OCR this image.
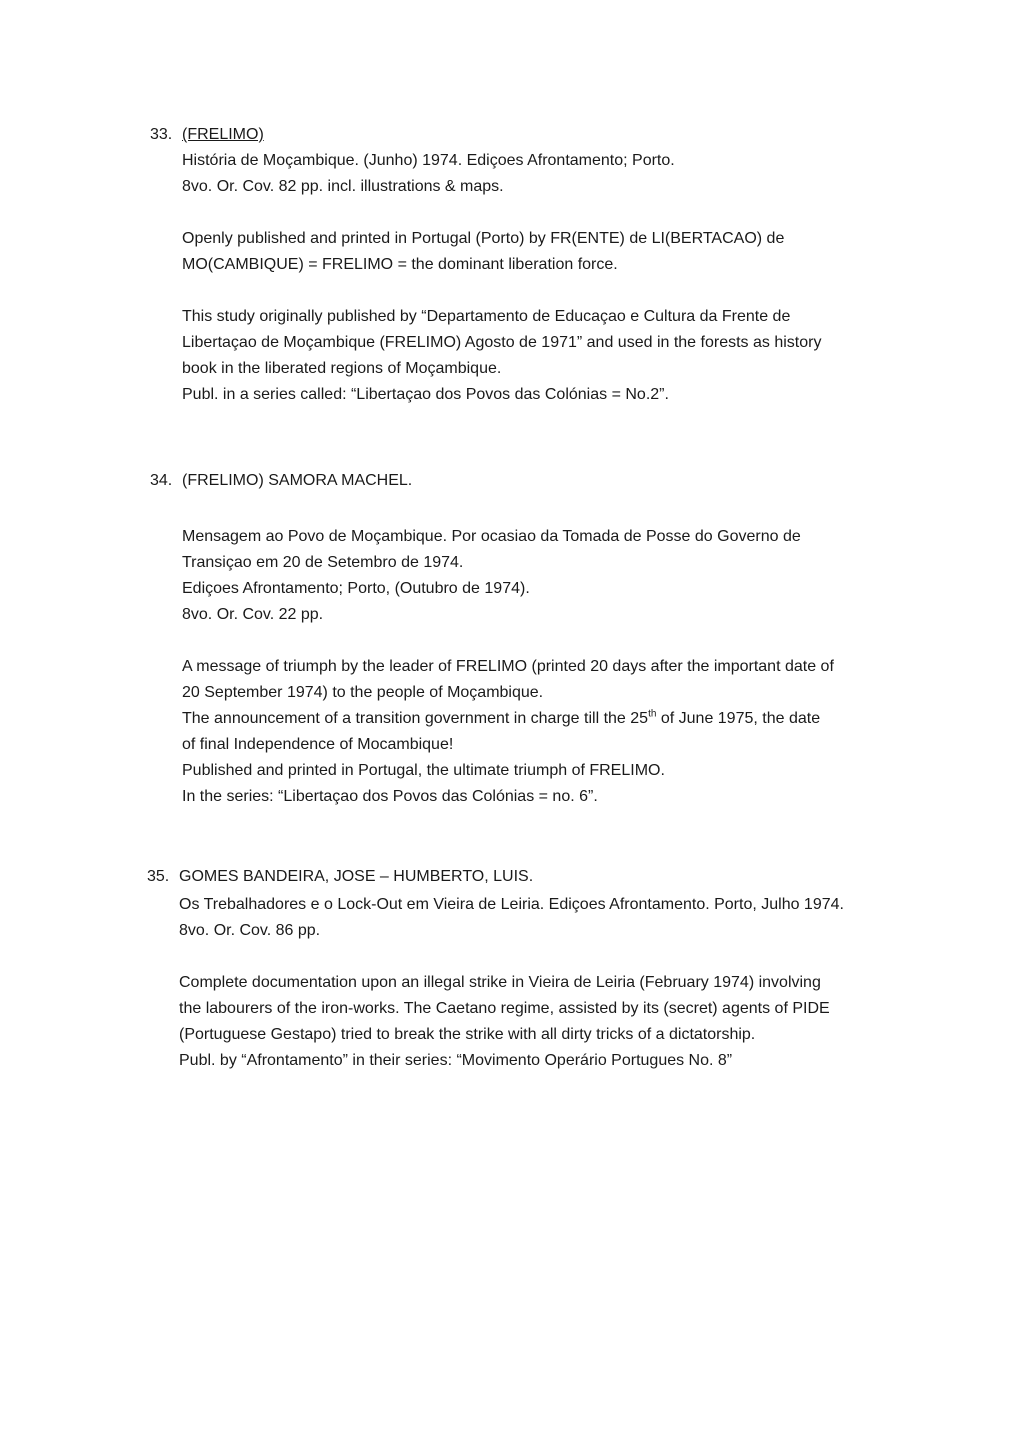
33. (FRELIMO)
História de Moçambique. (Junho) 1974. Ediçoes Afrontamento; Porto.
8vo. Or. Cov. 82 pp. incl. illustrations & maps.
Openly published and printed in Portugal (Porto) by FR(ENTE) de LI(BERTACAO) de
MO(CAMBIQUE) = FRELIMO = the dominant liberation force.
This study originally published by “Departamento de Educaçao e Cultura da Frente de
Libertaçao de Moçambique (FRELIMO) Agosto de 1971” and used in the forests as history
book in the liberated regions of Moçambique.
Publ. in a series called: “Libertaçao dos Povos das Colónias = No.2”.
34. (FRELIMO) SAMORA MACHEL.
Mensagem ao Povo de Moçambique. Por ocasiao da Tomada de Posse do Governo de
Transiçao em 20 de Setembro de 1974.
Ediçoes Afrontamento; Porto, (Outubro de 1974).
8vo. Or. Cov. 22 pp.
A message of triumph by the leader of FRELIMO (printed 20 days after the important date of
20 September 1974) to the people of Moçambique.
The announcement of a transition government in charge till the 25th of June 1975, the date
of final Independence of Mocambique!
Published and printed in Portugal, the ultimate triumph of FRELIMO.
In the series: “Libertaçao dos Povos das Colónias = no. 6”.
35. GOMES BANDEIRA, JOSE – HUMBERTO, LUIS.
Os Trebalhadores e o Lock-Out em Vieira de Leiria. Ediçoes Afrontamento. Porto, Julho 1974.
8vo. Or. Cov. 86 pp.
Complete documentation upon an illegal strike in Vieira de Leiria (February 1974) involving
the labourers of the iron-works. The Caetano regime, assisted by its (secret) agents of PIDE
(Portuguese Gestapo) tried to break the strike with all dirty tricks of a dictatorship.
Publ. by “Afrontamento” in their series: “Movimento Operário Portugues No. 8”
